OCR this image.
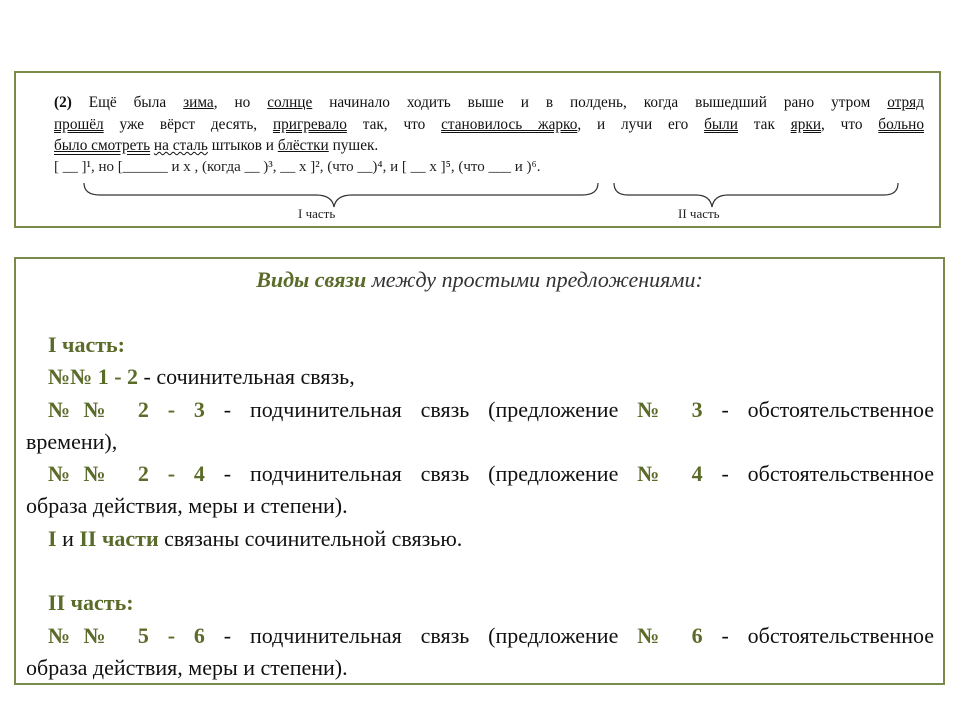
(2) Ещё была зима, но солнце начинало ходить выше и в полдень, когда вышедший рано утром отряд
прошёл уже вёрст десять, пригревало так, что становилось жарко, и лучи его были так ярки, что больно
было смотреть на сталь штыков и блёстки пушек.
[ __ ]¹, но [______ и х , (когда __ )³, __ х ]², (что __)⁴, и [ __ х ]⁵, (что ___ и )⁶.
I часть	II часть
Виды связи между простыми предложениями:
I часть:
№№ 1 - 2 - сочинительная связь,
№№ 2 - 3 - подчинительная связь (предложение № 3 - обстоятельственное
времени),
№№ 2 - 4 - подчинительная связь (предложение № 4 - обстоятельственное
образа действия, меры и степени).
I и II части связаны сочинительной связью.
II часть:
№№ 5 - 6 - подчинительная связь (предложение № 6 - обстоятельственное
образа действия, меры и степени).
